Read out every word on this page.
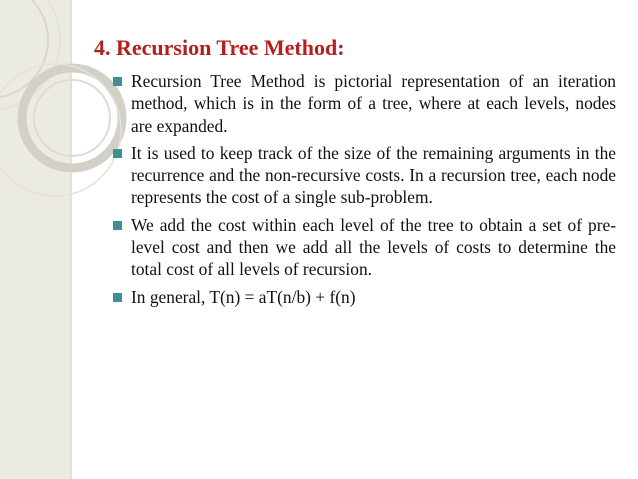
4. Recursion Tree Method:
Recursion Tree Method is pictorial representation of an iteration method, which is in the form of a tree, where at each levels, nodes are expanded.
It is used to keep track of the size of the remaining arguments in the recurrence and the non-recursive costs. In a recursion tree, each node represents the cost of a single sub-problem.
We add the cost within each level of the tree to obtain a set of pre-level cost and then we add all the levels of costs to determine the total cost of all levels of recursion.
In general, T(n) = aT(n/b) + f(n)
